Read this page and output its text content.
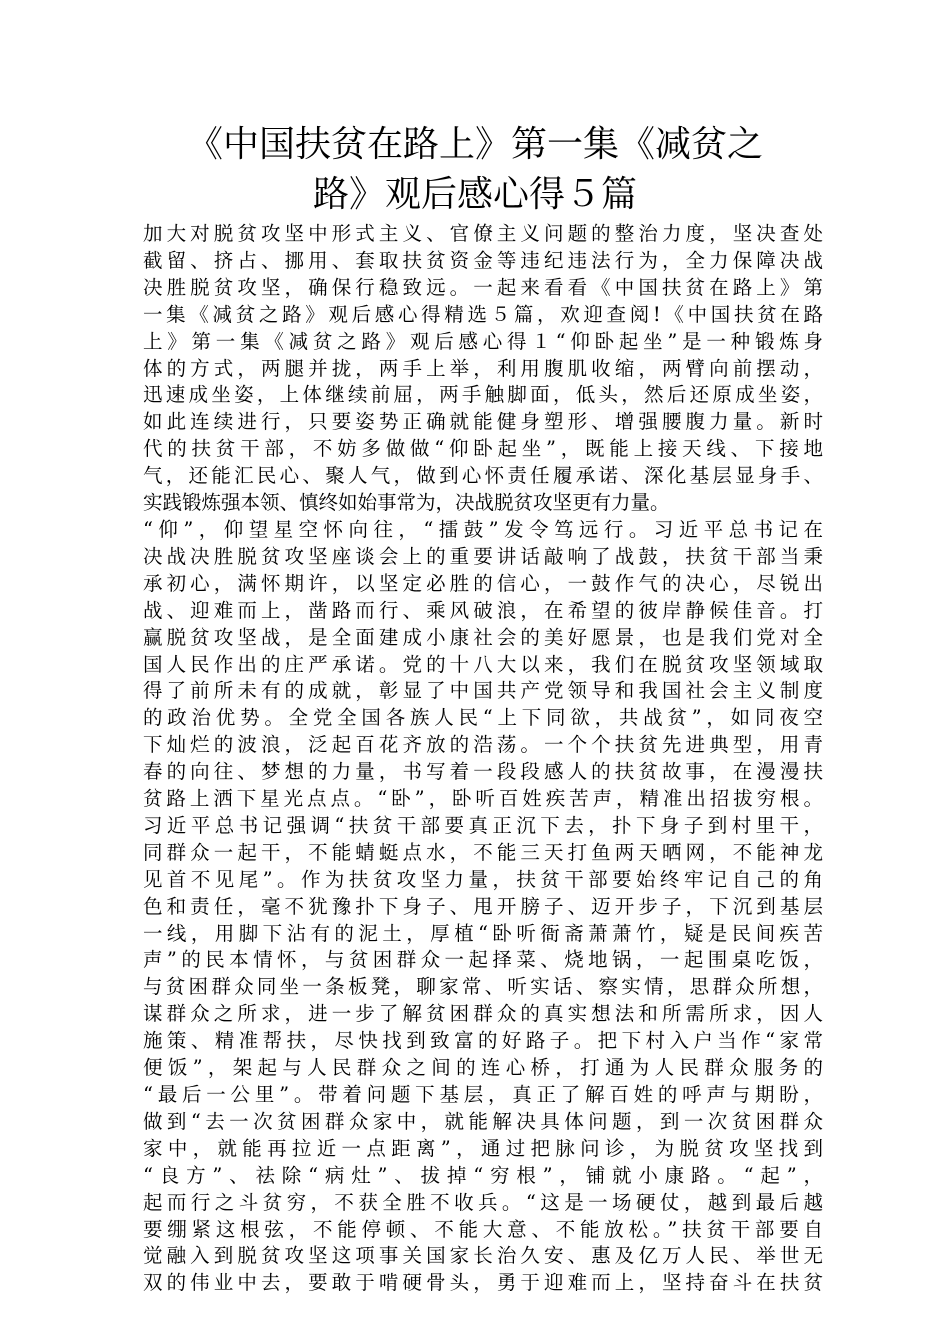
《中国扶贫在路上》第一集《减贫之
路》观后感心得５篇
加大对脱贫攻坚中形式主义、官僚主义问题的整治力度，坚决查处
截留、挤占、挪用、套取扶贫资金等违纪违法行为，全力保障决战
决胜脱贫攻坚，确保行稳致远。一起来看看《中国扶贫在路上》第
一集《减贫之路》观后感心得精选５篇，欢迎查阅!《中国扶贫在路
上》第一集《减贫之路》观后感心得１“仰卧起坐”是一种锻炼身
体的方式，两腿并拢，两手上举，利用腹肌收缩，两臂向前摆动，
迅速成坐姿，上体继续前屈，两手触脚面，低头，然后还原成坐姿，
如此连续进行，只要姿势正确就能健身塑形、增强腰腹力量。新时
代的扶贫干部，不妨多做做“仰卧起坐”，既能上接天线、下接地
气，还能汇民心、聚人气，做到心怀责任履承诺、深化基层显身手、
实践锻炼强本领、慎终如始事常为，决战脱贫攻坚更有力量。
“仰”，仰望星空怀向往，“擂鼓”发令笃远行。习近平总书记在
决战决胜脱贫攻坚座谈会上的重要讲话敲响了战鼓，扶贫干部当秉
承初心，满怀期许，以坚定必胜的信心，一鼓作气的决心，尽锐出
战、迎难而上，凿路而行、乘风破浪，在希望的彼岸静候佳音。打
赢脱贫攻坚战，是全面建成小康社会的美好愿景，也是我们党对全
国人民作出的庄严承诺。党的十八大以来，我们在脱贫攻坚领域取
得了前所未有的成就，彰显了中国共产党领导和我国社会主义制度
的政治优势。全党全国各族人民“上下同欲，共战贫”，如同夜空
下灿烂的波浪，泛起百花齐放的浩荡。一个个扶贫先进典型，用青
春的向往、梦想的力量，书写着一段段感人的扶贫故事，在漫漫扶
贫路上洒下星光点点。“卧”，卧听百姓疾苦声，精准出招拔穷根。
习近平总书记强调“扶贫干部要真正沉下去，扑下身子到村里干，
同群众一起干，不能蜻蜓点水，不能三天打鱼两天晒网，不能神龙
见首不见尾”。作为扶贫攻坚力量，扶贫干部要始终牢记自己的角
色和责任，毫不犹豫扑下身子、甩开膀子、迈开步子，下沉到基层
一线，用脚下沾有的泥土，厚植“卧听衙斋萧萧竹，疑是民间疾苦
声”的民本情怀，与贫困群众一起择菜、烧地锅，一起围桌吃饭，
与贫困群众同坐一条板凳，聊家常、听实话、察实情，思群众所想，
谋群众之所求，进一步了解贫困群众的真实想法和所需所求，因人
施策、精准帮扶，尽快找到致富的好路子。把下村入户当作“家常
便饭”，架起与人民群众之间的连心桥，打通为人民群众服务的
“最后一公里”。带着问题下基层，真正了解百姓的呼声与期盼，
做到“去一次贫困群众家中，就能解决具体问题，到一次贫困群众
家中，就能再拉近一点距离”，通过把脉问诊，为脱贫攻坚找到
“良方”、祛除“病灶”、拔掉“穷根”，铺就小康路。“起”，
起而行之斗贫穷，不获全胜不收兵。“这是一场硬仗，越到最后越
要绷紧这根弦，不能停顿、不能大意、不能放松。”扶贫干部要自
觉融入到脱贫攻坚这项事关国家长治久安、惠及亿万人民、举世无
双的伟业中去，要敢于啃硬骨头，勇于迎难而上，坚持奋斗在扶贫
